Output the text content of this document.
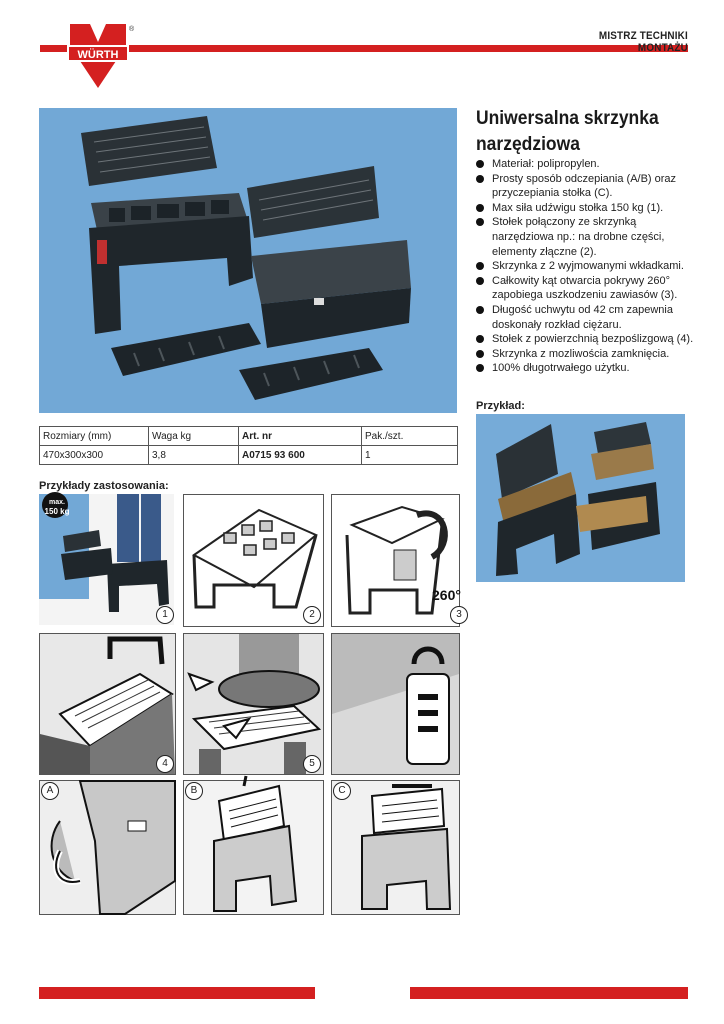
WÜRTH
®
MISTRZ TECHNIKI
MONTAŻU
Uniwersalna skrzynka
narzędziowa
Materiał: polipropylen.
Prosty sposób odczepiania (A/B) oraz przyczepiania stołka (C).
Max siła udźwigu stołka 150 kg (1).
Stołek połączony ze skrzynką narzędziowa np.: na drobne części, elementy złączne (2).
Skrzynka z 2 wyjmowanymi wkładkami.
Całkowity kąt otwarcia pokrywy 260° zapobiega uszkodzeniu zawiasów (3).
Długość uchwytu od 42 cm zapewnia doskonały rozkład ciężaru.
Stołek z powierzchnią bezpoślizgową (4).
Skrzynka z mozliwościa zamknięcia.
100% długotrwałego użytku.
Przykład:
Rozmiary (mm)	Waga kg	Art. nr	Pak./szt.
470x300x300	3,8	A0715 93 600	1
Przykłady zastosowania:
max.
150 kg
1	2
260°
3
4	5
A	B	C
